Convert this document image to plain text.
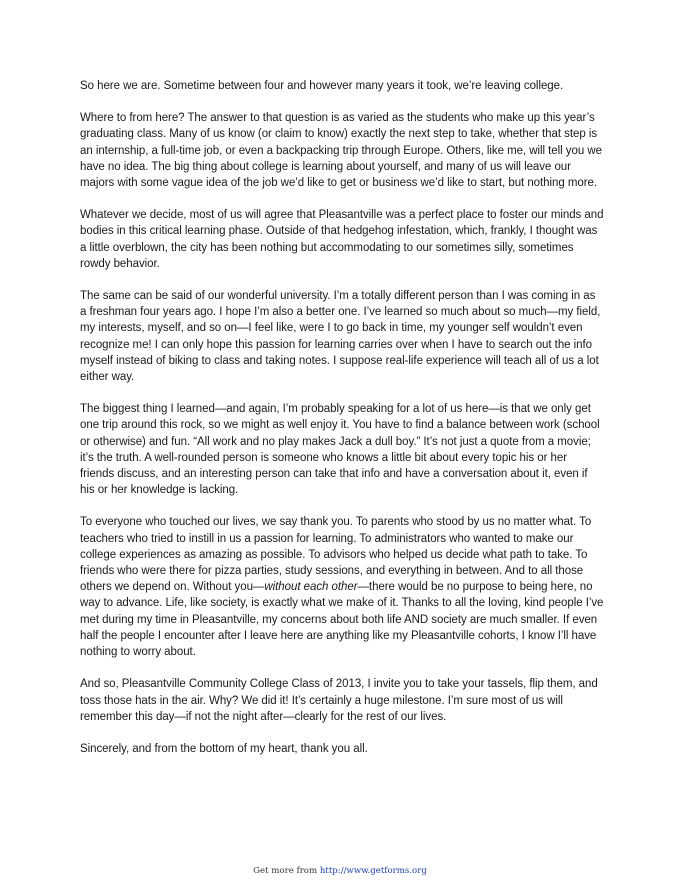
So here we are. Sometime between four and however many years it took, we’re leaving college.

Where to from here? The answer to that question is as varied as the students who make up this year’s graduating class. Many of us know (or claim to know) exactly the next step to take, whether that step is an internship, a full-time job, or even a backpacking trip through Europe. Others, like me, will tell you we have no idea. The big thing about college is learning about yourself, and many of us will leave our majors with some vague idea of the job we’d like to get or business we’d like to start, but nothing more.

Whatever we decide, most of us will agree that Pleasantville was a perfect place to foster our minds and bodies in this critical learning phase. Outside of that hedgehog infestation, which, frankly, I thought was a little overblown, the city has been nothing but accommodating to our sometimes silly, sometimes rowdy behavior.

The same can be said of our wonderful university. I’m a totally different person than I was coming in as a freshman four years ago. I hope I’m also a better one. I’ve learned so much about so much—my field, my interests, myself, and so on—I feel like, were I to go back in time, my younger self wouldn’t even recognize me! I can only hope this passion for learning carries over when I have to search out the info myself instead of biking to class and taking notes. I suppose real-life experience will teach all of us a lot either way.

The biggest thing I learned—and again, I’m probably speaking for a lot of us here—is that we only get one trip around this rock, so we might as well enjoy it. You have to find a balance between work (school or otherwise) and fun. “All work and no play makes Jack a dull boy.” It’s not just a quote from a movie; it’s the truth. A well-rounded person is someone who knows a little bit about every topic his or her friends discuss, and an interesting person can take that info and have a conversation about it, even if his or her knowledge is lacking.

To everyone who touched our lives, we say thank you. To parents who stood by us no matter what. To teachers who tried to instill in us a passion for learning. To administrators who wanted to make our college experiences as amazing as possible. To advisors who helped us decide what path to take. To friends who were there for pizza parties, study sessions, and everything in between. And to all those others we depend on. Without you—without each other—there would be no purpose to being here, no way to advance. Life, like society, is exactly what we make of it. Thanks to all the loving, kind people I’ve met during my time in Pleasantville, my concerns about both life AND society are much smaller. If even half the people I encounter after I leave here are anything like my Pleasantville cohorts, I know I’ll have nothing to worry about.

And so, Pleasantville Community College Class of 2013, I invite you to take your tassels, flip them, and toss those hats in the air. Why? We did it! It’s certainly a huge milestone. I’m sure most of us will remember this day—if not the night after—clearly for the rest of our lives.

Sincerely, and from the bottom of my heart, thank you all.

Get more from http://www.getforms.org
